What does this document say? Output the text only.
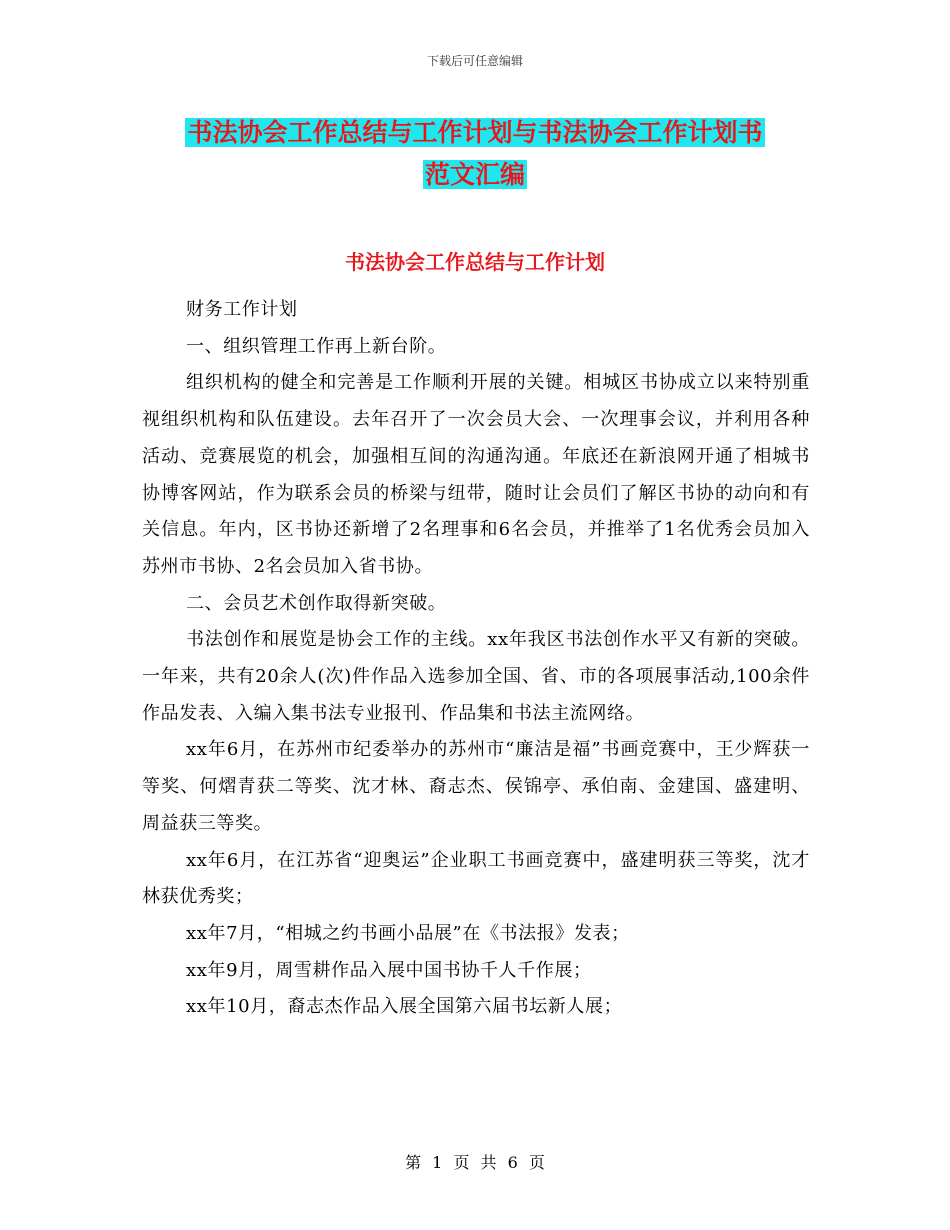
下载后可任意编辑
书法协会工作总结与工作计划与书法协会工作计划书
范文汇编
书法协会工作总结与工作计划

财务工作计划

一、组织管理工作再上新台阶。

组织机构的健全和完善是工作顺利开展的关键。相城区书协成立以来特别重视组织机构和队伍建设。去年召开了一次会员大会、一次理事会议，并利用各种活动、竞赛展览的机会，加强相互间的沟通沟通。年底还在新浪网开通了相城书协博客网站，作为联系会员的桥梁与纽带，随时让会员们了解区书协的动向和有关信息。年内，区书协还新增了2名理事和6名会员，并推举了1名优秀会员加入苏州市书协、2名会员加入省书协。

二、会员艺术创作取得新突破。

书法创作和展览是协会工作的主线。xx年我区书法创作水平又有新的突破。一年来，共有20余人(次)件作品入选参加全国、省、市的各项展事活动,100余件作品发表、入编入集书法专业报刊、作品集和书法主流网络。

xx年6月，在苏州市纪委举办的苏州市“廉洁是福”书画竞赛中，王少辉获一等奖、何熠青获二等奖、沈才林、裔志杰、侯锦亭、承伯南、金建国、盛建明、周益获三等奖。

xx年6月，在江苏省“迎奥运”企业职工书画竞赛中，盛建明获三等奖，沈才林获优秀奖；

xx年7月，“相城之约书画小品展”在《书法报》发表；

xx年9月，周雪耕作品入展中国书协千人千作展；

xx年10月，裔志杰作品入展全国第六届书坛新人展；

第 1 页 共 6 页
